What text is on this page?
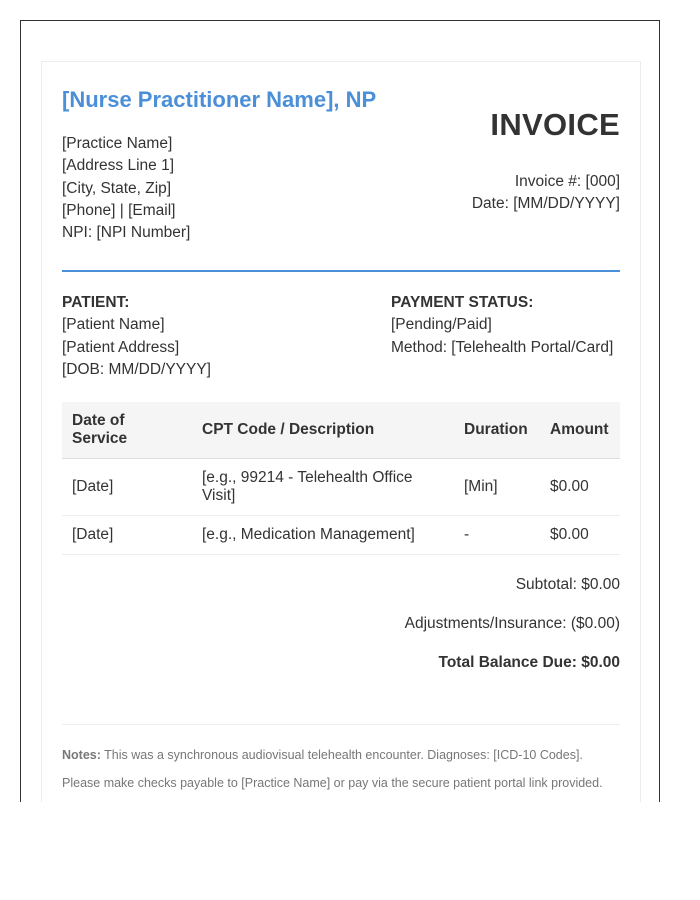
[Nurse Practitioner Name], NP
[Practice Name]
[Address Line 1]
[City, State, Zip]
[Phone] | [Email]
NPI: [NPI Number]
INVOICE
Invoice #: [000]
Date: [MM/DD/YYYY]
PATIENT:
[Patient Name]
[Patient Address]
[DOB: MM/DD/YYYY]
PAYMENT STATUS:
[Pending/Paid]
Method: [Telehealth Portal/Card]
Date of Service	CPT Code / Description	Duration	Amount
[Date]	[e.g., 99214 - Telehealth Office Visit]	[Min]	$0.00
[Date]	[e.g., Medication Management]	-	$0.00
Subtotal: $0.00
Adjustments/Insurance: ($0.00)
Total Balance Due: $0.00
Notes: This was a synchronous audiovisual telehealth encounter. Diagnoses: [ICD-10 Codes].
Please make checks payable to [Practice Name] or pay via the secure patient portal link provided.
